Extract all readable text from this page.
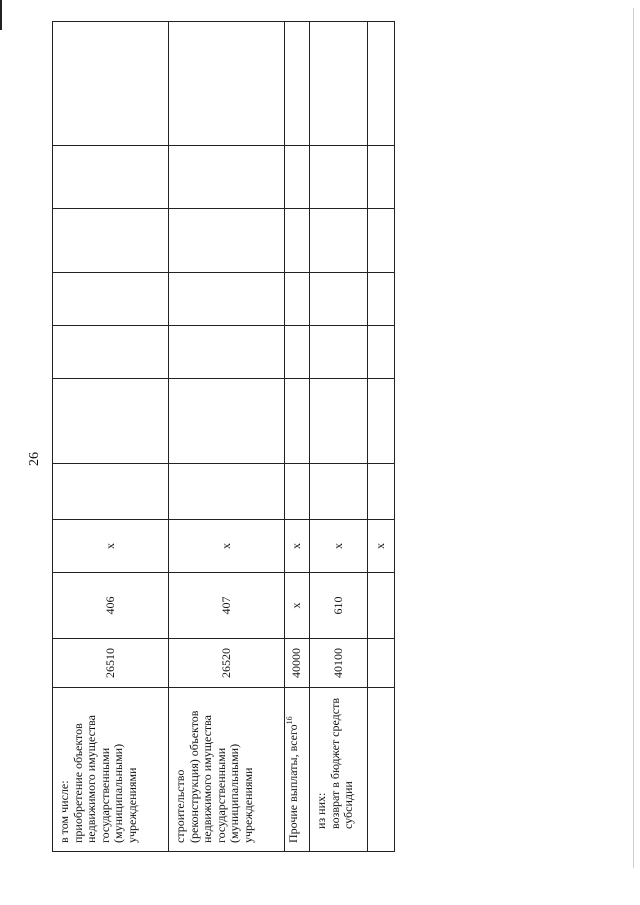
26
в том числе:
приобретение объектов недвижимого имущества государственными (муниципальными) учреждениями	26510	406	x							

строительство (реконструкция) объектов недвижимого имущества государственными (муниципальными) учреждениями	26520	407	x							
Прочие выплаты, всего$^{16}$	40000	x	x							

из них:
возврат в бюджет средств субсидии	40100	610	x							
			x							
